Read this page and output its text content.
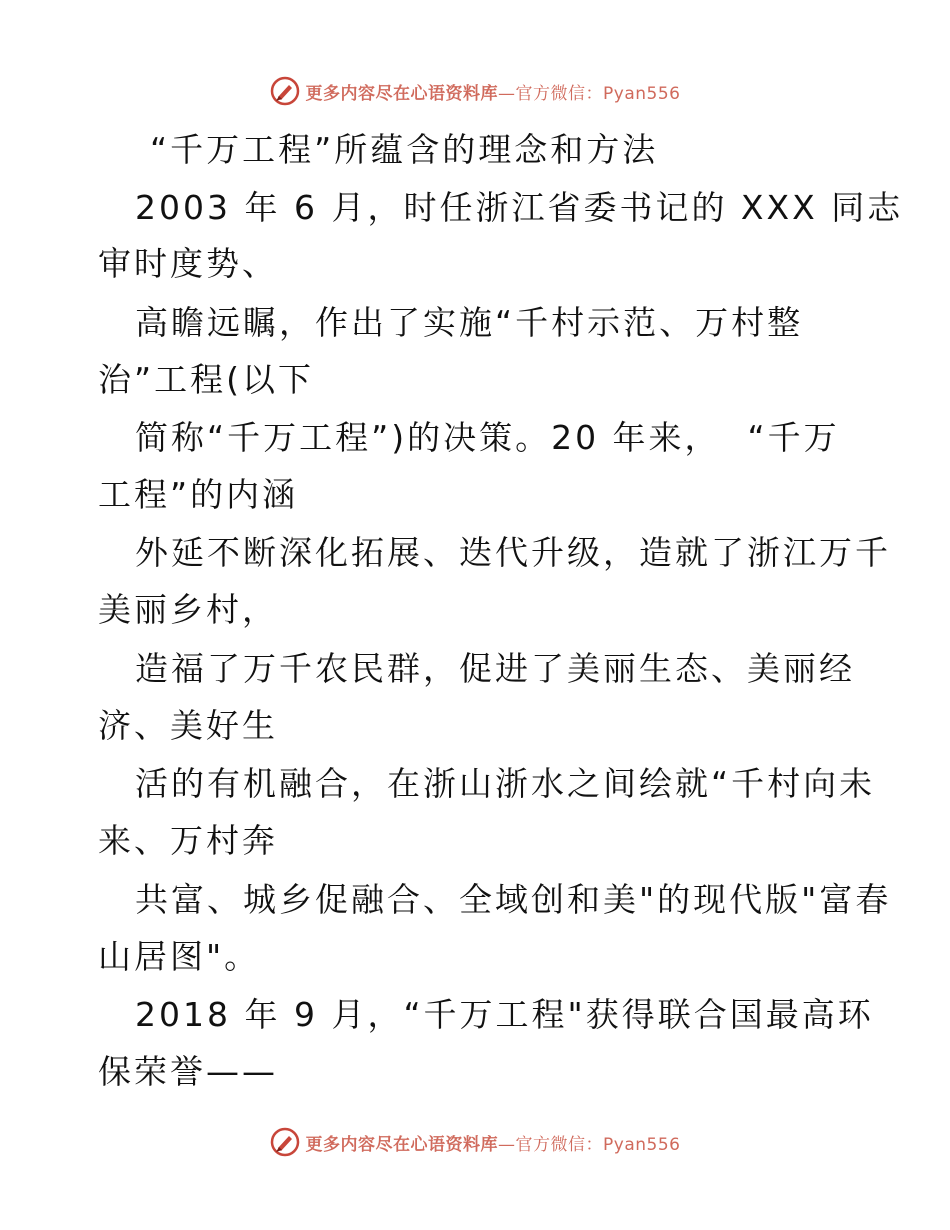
更多内容尽在心语资料库 —官方微信：Pyan556
“千万工程”所蕴含的理念和方法
2003 年 6 月，时任浙江省委书记的 XXX 同志
审时度势、
高瞻远瞩，作出了实施“千村示范、万村整
治”工程(以下
简称“千万工程”)的决策。20 年来，  “千万
工程”的内涵
外延不断深化拓展、迭代升级，造就了浙江万千
美丽乡村，
造福了万千农民群，促进了美丽生态、美丽经
济、美好生
活的有机融合，在浙山浙水之间绘就“千村向未
来、万村奔
共富、城乡促融合、全域创和美"的现代版"富春
山居图"。
2018 年 9 月，“千万工程"获得联合国最高环
保荣誉——
更多内容尽在心语资料库 —官方微信：Pyan556
